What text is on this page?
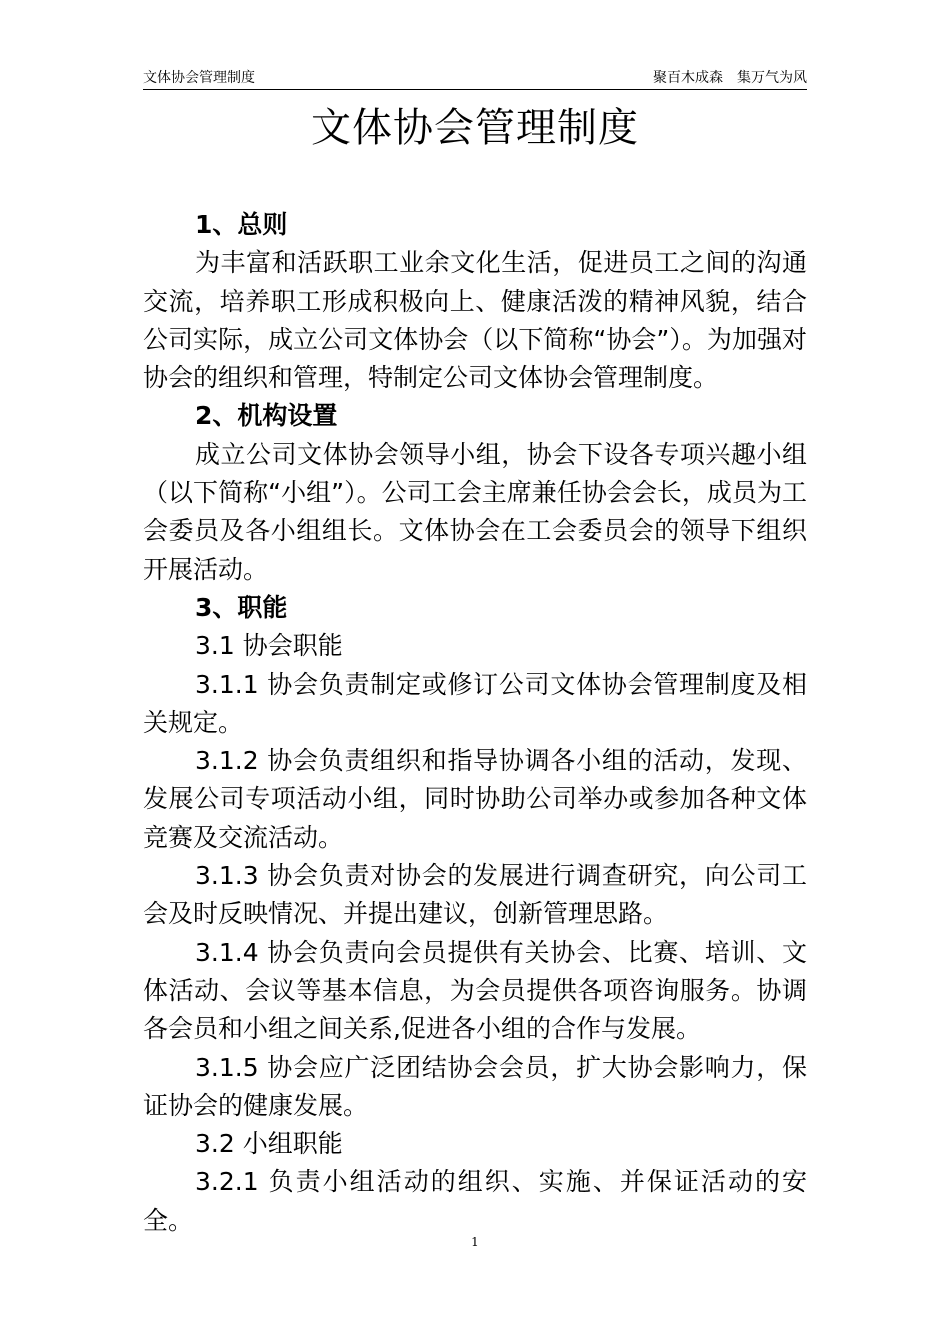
文体协会管理制度	聚百木成森　集万气为风
文体协会管理制度

1、总则

为丰富和活跃职工业余文化生活，促进员工之间的沟通交流，培养职工形成积极向上、健康活泼的精神风貌，结合公司实际，成立公司文体协会（以下简称“协会”）。为加强对协会的组织和管理，特制定公司文体协会管理制度。

2、机构设置

成立公司文体协会领导小组，协会下设各专项兴趣小组（以下简称“小组”）。公司工会主席兼任协会会长，成员为工会委员及各小组组长。文体协会在工会委员会的领导下组织开展活动。

3、职能

3.1 协会职能

3.1.1 协会负责制定或修订公司文体协会管理制度及相关规定。

3.1.2 协会负责组织和指导协调各小组的活动，发现、发展公司专项活动小组，同时协助公司举办或参加各种文体竞赛及交流活动。

3.1.3 协会负责对协会的发展进行调查研究，向公司工会及时反映情况、并提出建议，创新管理思路。

3.1.4 协会负责向会员提供有关协会、比赛、培训、文体活动、会议等基本信息，为会员提供各项咨询服务。协调各会员和小组之间关系,促进各小组的合作与发展。

3.1.5 协会应广泛团结协会会员，扩大协会影响力，保证协会的健康发展。

3.2 小组职能

3.2.1 负责小组活动的组织、实施、并保证活动的安全。

1
